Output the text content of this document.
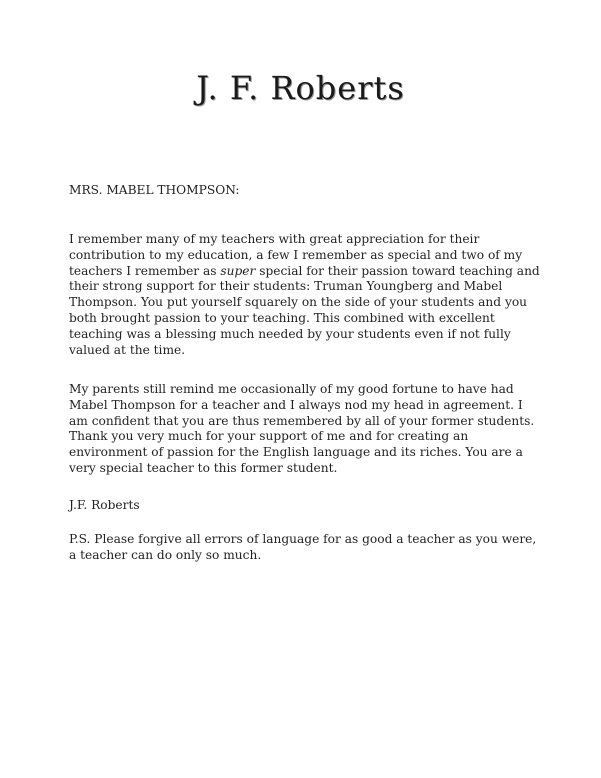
J. F. Roberts

MRS. MABEL THOMPSON:

I remember many of my teachers with great appreciation for their contribution to my education, a few I remember as special and two of my teachers I remember as super special for their passion toward teaching and their strong support for their students: Truman Youngberg and Mabel Thompson. You put yourself squarely on the side of your students and you both brought passion to your teaching. This combined with excellent teaching was a blessing much needed by your students even if not fully valued at the time.

My parents still remind me occasionally of my good fortune to have had Mabel Thompson for a teacher and I always nod my head in agreement. I am confident that you are thus remembered by all of your former students. Thank you very much for your support of me and for creating an environment of passion for the English language and its riches. You are a very special teacher to this former student.

J.F. Roberts

P.S. Please forgive all errors of language for as good a teacher as you were, a teacher can do only so much.
